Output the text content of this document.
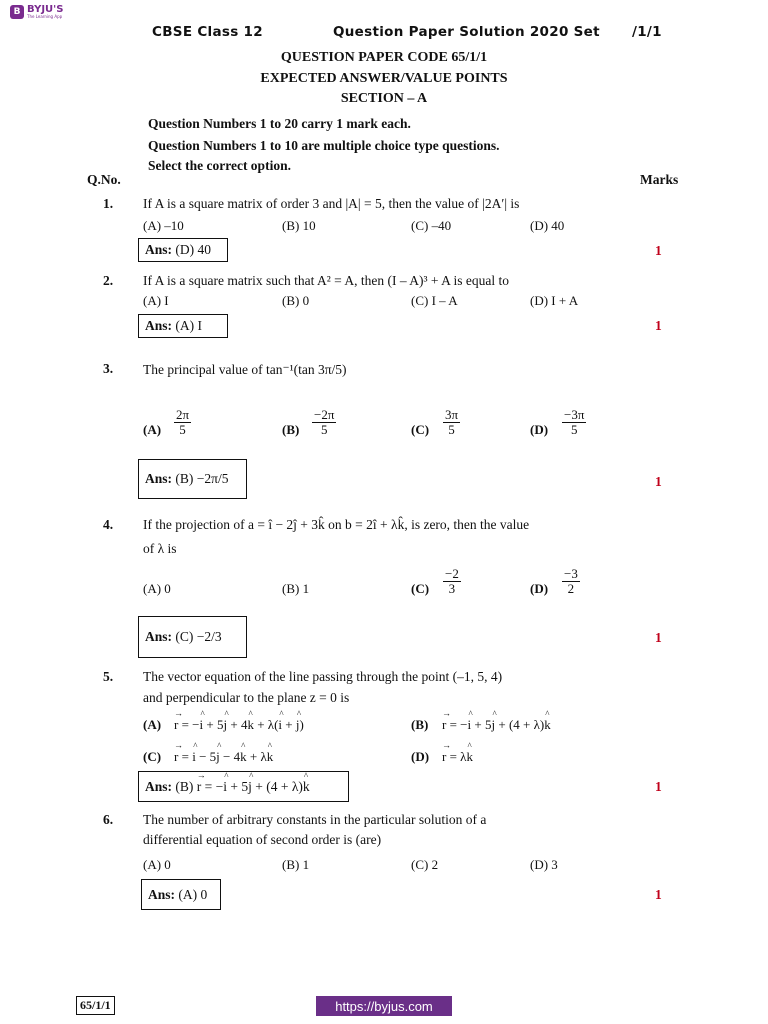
B BYJU'S
The Learning App
CBSE Class 12	Question Paper Solution 2020 Set /1/1
QUESTION PAPER CODE 65/1/1
EXPECTED ANSWER/VALUE POINTS
SECTION – A
Question Numbers 1 to 20 carry 1 mark each.
Question Numbers 1 to 10 are multiple choice type questions.
Select the correct option.
Q.No.	Marks
1. If A is a square matrix of order 3 and |A| = 5, then the value of |2A′| is
(A) –10	(B) 10	(C) –40	(D) 40
Ans:
(D) 40	1
2. If A is a square matrix such that A² = A, then (I – A)³ + A is equal to
(A) I	(B) 0	(C) I – A	(D) I + A
Ans:
(A) I	1
3. The principal value of tan⁻¹(tan 3π/5)
$(A) \frac{2\pi}{5}$	$(B) \frac{-2\pi}{5}$	$(C) \frac{3\pi}{5}$	$(D) \frac{-3\pi}{5}$
Ans:
(B) −2π/5	1
4. If the projection of a = î − 2ĵ + 3k̂ on b = 2î + λk̂, is zero, then the value
of λ is
(A) 0	(B) 1	$(C) \frac{-2}{3}$	$(D) \frac{-3}{2}$
Ans:
(C) −2/3	1
5. The vector equation of the line passing through the point (–1, 5, 4)
and perpendicular to the plane z = 0 is
(A) → r = −^ i + 5^ j + 4^ k + λ(^ i + ^ j)	(B) → r = −^ i + 5^ j + (4 + λ)^ k
(C) → r = ^ i − 5^ j − 4^ k + λ^ k	(D) → r = λ^ k
Ans:
(B)
→ r = −^ i + 5^ j + (4 + λ)^ k	1
6. The number of arbitrary constants in the particular solution of a
differential equation of second order is (are)
(A) 0	(B) 1	(C) 2	(D) 3
Ans:
(A) 0	1
65/1/1	https://byjus.com
